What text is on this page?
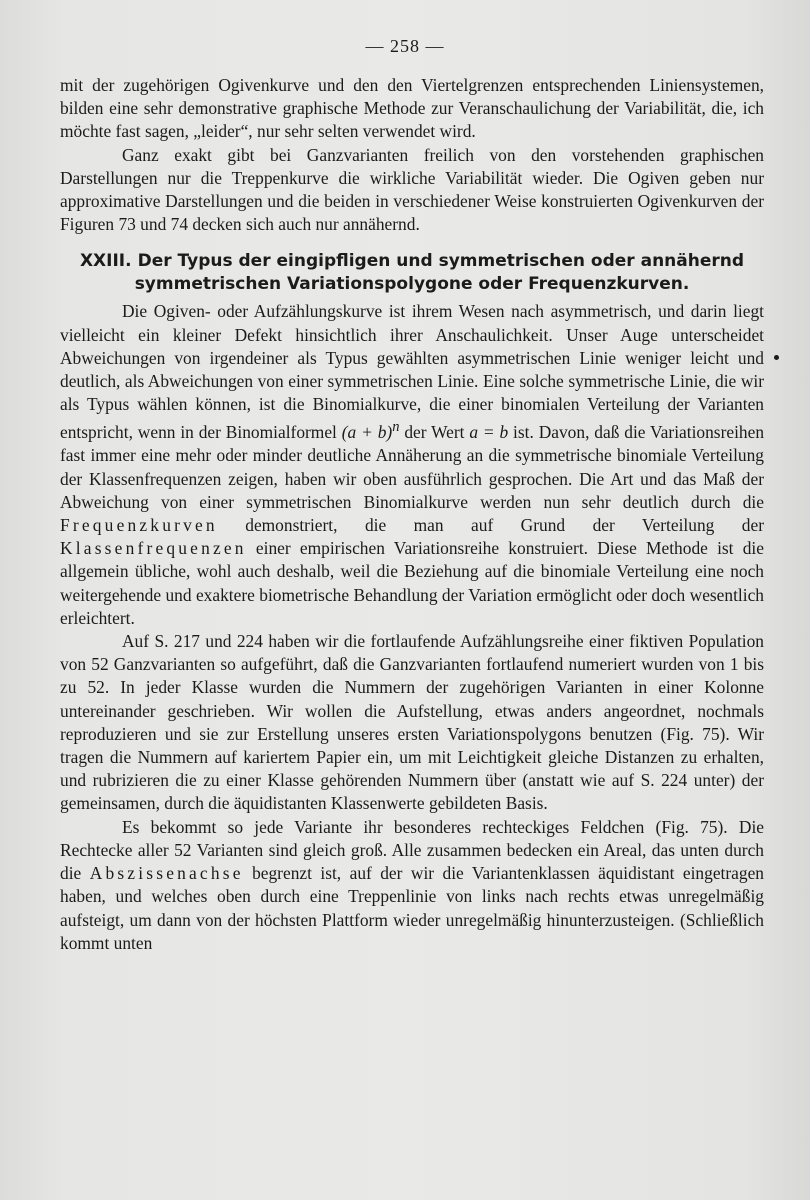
— 258 —

mit der zugehörigen Ogivenkurve und den den Viertelgrenzen entsprechenden Liniensystemen, bilden eine sehr demonstrative graphische Methode zur Veranschaulichung der Variabilität, die, ich möchte fast sagen, „leider“, nur sehr selten verwendet wird.

Ganz exakt gibt bei Ganzvarianten freilich von den vorstehenden graphischen Darstellungen nur die Treppenkurve die wirkliche Variabilität wieder. Die Ogiven geben nur approximative Darstellungen und die beiden in verschiedener Weise konstruierten Ogivenkurven der Figuren 73 und 74 decken sich auch nur annähernd.

XXIII. Der Typus der eingipfligen und symmetrischen oder annähernd symmetrischen Variationspolygone oder Frequenzkurven.

Die Ogiven- oder Aufzählungskurve ist ihrem Wesen nach asymmetrisch, und darin liegt vielleicht ein kleiner Defekt hinsichtlich ihrer Anschaulichkeit. Unser Auge unterscheidet Abweichungen von irgendeiner als Typus gewählten asymmetrischen Linie weniger leicht und deutlich, als Abweichungen von einer symmetrischen Linie. Eine solche symmetrische Linie, die wir als Typus wählen können, ist die Binomialkurve, die einer binomialen Verteilung der Varianten entspricht, wenn in der Binomialformel $(a + b)^n$ der Wert a = b ist. Davon, daß die Variationsreihen fast immer eine mehr oder minder deutliche Annäherung an die symmetrische binomiale Verteilung der Klassenfrequenzen zeigen, haben wir oben ausführlich gesprochen. Die Art und das Maß der Abweichung von einer symmetrischen Binomialkurve werden nun sehr deutlich durch die Frequenzkurven demonstriert, die man auf Grund der Verteilung der Klassenfrequenzen einer empirischen Variationsreihe konstruiert. Diese Methode ist die allgemein übliche, wohl auch deshalb, weil die Beziehung auf die binomiale Verteilung eine noch weitergehende und exaktere biometrische Behandlung der Variation ermöglicht oder doch wesentlich erleichtert.

Auf S. 217 und 224 haben wir die fortlaufende Aufzählungsreihe einer fiktiven Population von 52 Ganzvarianten so aufgeführt, daß die Ganzvarianten fortlaufend numeriert wurden von 1 bis zu 52. In jeder Klasse wurden die Nummern der zugehörigen Varianten in einer Kolonne untereinander geschrieben. Wir wollen die Aufstellung, etwas anders angeordnet, nochmals reproduzieren und sie zur Erstellung unseres ersten Variationspolygons benutzen (Fig. 75). Wir tragen die Nummern auf kariertem Papier ein, um mit Leichtigkeit gleiche Distanzen zu erhalten, und rubrizieren die zu einer Klasse gehörenden Nummern über (anstatt wie auf S. 224 unter) der gemeinsamen, durch die äquidistanten Klassenwerte gebildeten Basis.

Es bekommt so jede Variante ihr besonderes rechteckiges Feldchen (Fig. 75). Die Rechtecke aller 52 Varianten sind gleich groß. Alle zusammen bedecken ein Areal, das unten durch die Abszissenachse begrenzt ist, auf der wir die Variantenklassen äquidistant eingetragen haben, und welches oben durch eine Treppenlinie von links nach rechts etwas unregelmäßig aufsteigt, um dann von der höchsten Plattform wieder unregelmäßig hinunterzusteigen. (Schließlich kommt unten
